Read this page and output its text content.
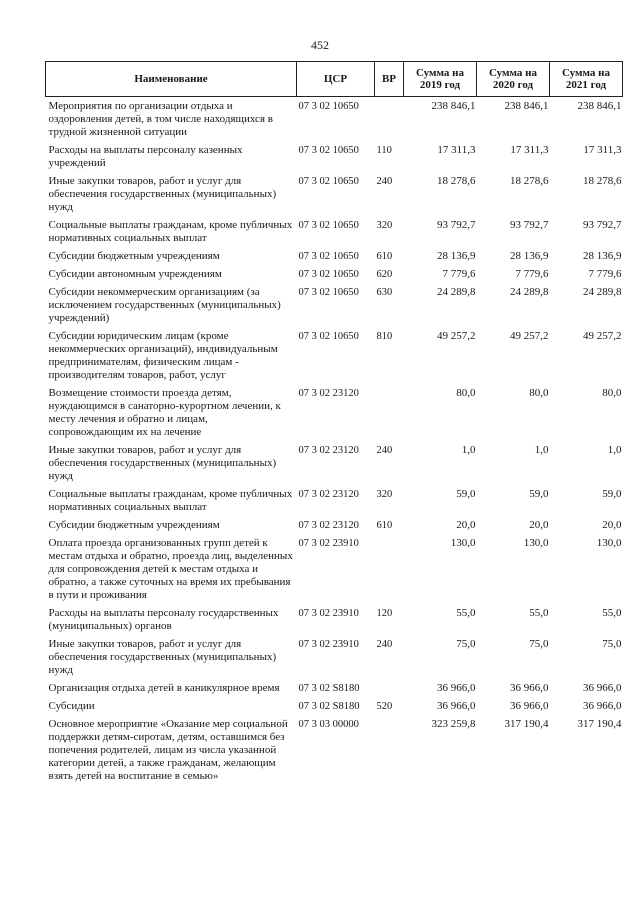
452
Наименование	ЦСР	ВР	Сумма на 2019 год	Сумма на 2020 год	Сумма на 2021 год
Мероприятия по организации отдыха и оздоровления детей, в том числе находящихся в трудной жизненной ситуации	07 3 02 10650		238 846,1	238 846,1	238 846,1
Расходы на выплаты персоналу казенных учреждений	07 3 02 10650	110	17 311,3	17 311,3	17 311,3
Иные закупки товаров, работ и услуг для обеспечения государственных (муниципальных) нужд	07 3 02 10650	240	18 278,6	18 278,6	18 278,6
Социальные выплаты гражданам, кроме публичных нормативных социальных выплат	07 3 02 10650	320	93 792,7	93 792,7	93 792,7
Субсидии бюджетным учреждениям	07 3 02 10650	610	28 136,9	28 136,9	28 136,9
Субсидии автономным учреждениям	07 3 02 10650	620	7 779,6	7 779,6	7 779,6
Субсидии некоммерческим организациям (за исключением государственных (муниципальных) учреждений)	07 3 02 10650	630	24 289,8	24 289,8	24 289,8
Субсидии юридическим лицам (кроме некоммерческих организаций), индивидуальным предпринимателям, физическим лицам - производителям товаров, работ, услуг	07 3 02 10650	810	49 257,2	49 257,2	49 257,2
Возмещение стоимости проезда детям, нуждающимся в санаторно-курортном лечении, к месту лечения и обратно и лицам, сопровождающим их на лечение	07 3 02 23120		80,0	80,0	80,0
Иные закупки товаров, работ и услуг для обеспечения государственных (муниципальных) нужд	07 3 02 23120	240	1,0	1,0	1,0
Социальные выплаты гражданам, кроме публичных нормативных социальных выплат	07 3 02 23120	320	59,0	59,0	59,0
Субсидии бюджетным учреждениям	07 3 02 23120	610	20,0	20,0	20,0
Оплата проезда организованных групп детей к местам отдыха и обратно, проезда лиц, выделенных для сопровождения детей к местам отдыха и обратно, а также суточных на время их пребывания в пути и проживания	07 3 02 23910		130,0	130,0	130,0
Расходы на выплаты персоналу государственных (муниципальных) органов	07 3 02 23910	120	55,0	55,0	55,0
Иные закупки товаров, работ и услуг для обеспечения государственных (муниципальных) нужд	07 3 02 23910	240	75,0	75,0	75,0
Организация отдыха детей в каникулярное время	07 3 02 S8180		36 966,0	36 966,0	36 966,0
Субсидии	07 3 02 S8180	520	36 966,0	36 966,0	36 966,0
Основное мероприятие «Оказание мер социальной поддержки детям-сиротам, детям, оставшимся без попечения родителей, лицам из числа указанной категории детей, а также гражданам, желающим взять детей на воспитание в семью»	07 3 03 00000		323 259,8	317 190,4	317 190,4
